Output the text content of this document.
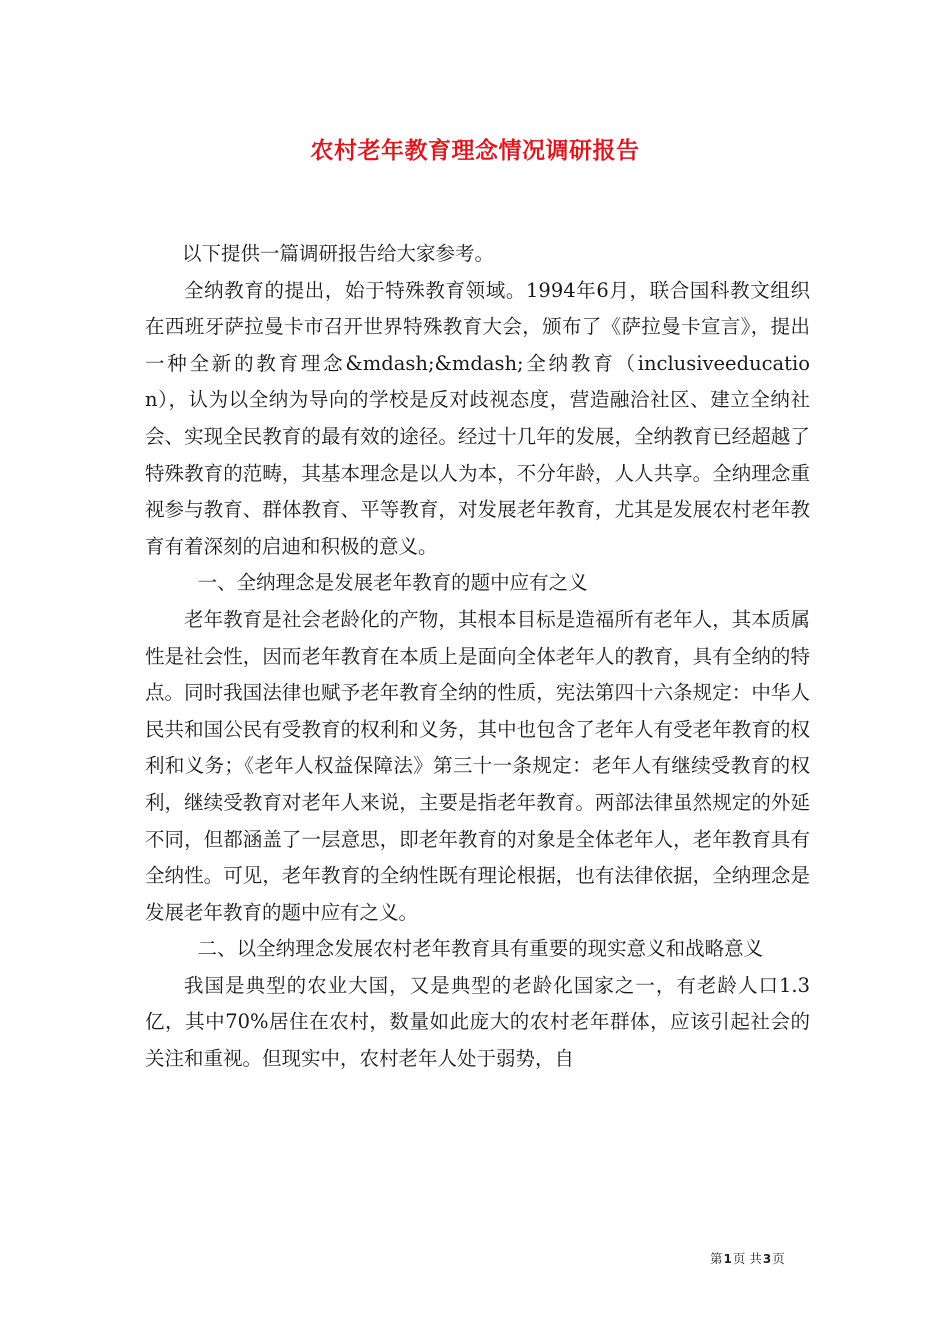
农村老年教育理念情况调研报告

以下提供一篇调研报告给大家参考。

全纳教育的提出，始于特殊教育领域。1994年6月，联合国科教文组织在西班牙萨拉曼卡市召开世界特殊教育大会，颁布了《萨拉曼卡宣言》，提出一种全新的教育理念&mdash;&mdash;全纳教育（inclusiveeducation），认为以全纳为导向的学校是反对歧视态度，营造融洽社区、建立全纳社会、实现全民教育的最有效的途径。经过十几年的发展，全纳教育已经超越了特殊教育的范畴，其基本理念是以人为本，不分年龄，人人共享。全纳理念重视参与教育、群体教育、平等教育，对发展老年教育，尤其是发展农村老年教育有着深刻的启迪和积极的意义。

一、全纳理念是发展老年教育的题中应有之义

老年教育是社会老龄化的产物，其根本目标是造福所有老年人，其本质属性是社会性，因而老年教育在本质上是面向全体老年人的教育，具有全纳的特点。同时我国法律也赋予老年教育全纳的性质，宪法第四十六条规定：中华人民共和国公民有受教育的权利和义务，其中也包含了老年人有受老年教育的权利和义务；《老年人权益保障法》第三十一条规定：老年人有继续受教育的权利，继续受教育对老年人来说，主要是指老年教育。两部法律虽然规定的外延不同，但都涵盖了一层意思，即老年教育的对象是全体老年人，老年教育具有全纳性。可见，老年教育的全纳性既有理论根据，也有法律依据，全纳理念是发展老年教育的题中应有之义。

二、以全纳理念发展农村老年教育具有重要的现实意义和战略意义

我国是典型的农业大国，又是典型的老龄化国家之一，有老龄人口1.3亿，其中70%居住在农村，数量如此庞大的农村老年群体，应该引起社会的关注和重视。但现实中，农村老年人处于弱势，自

第1页 共3页
